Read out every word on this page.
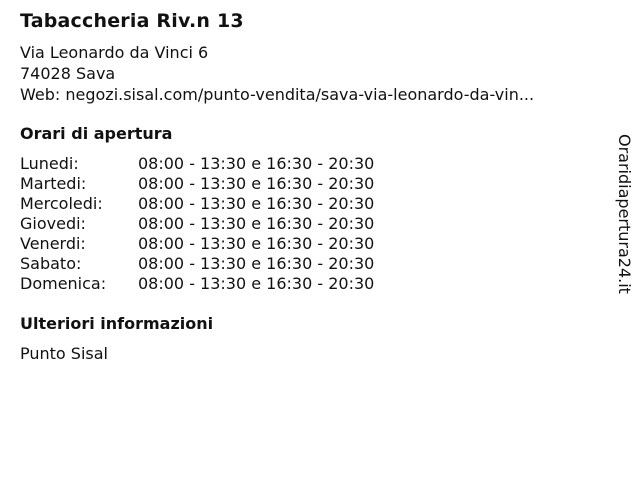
Tabaccheria Riv.n 13
Via Leonardo da Vinci 6
74028 Sava
Web: negozi.sisal.com/punto-vendita/sava-via-leonardo-da-vin...
Orari di apertura
Lunedi:	08:00 - 13:30 e 16:30 - 20:30
Martedi:	08:00 - 13:30 e 16:30 - 20:30
Mercoledi:	08:00 - 13:30 e 16:30 - 20:30
Giovedi:	08:00 - 13:30 e 16:30 - 20:30
Venerdi:	08:00 - 13:30 e 16:30 - 20:30
Sabato:	08:00 - 13:30 e 16:30 - 20:30
Domenica:	08:00 - 13:30 e 16:30 - 20:30
Ulteriori informazioni
Punto Sisal
Oraridiapertura24.it
